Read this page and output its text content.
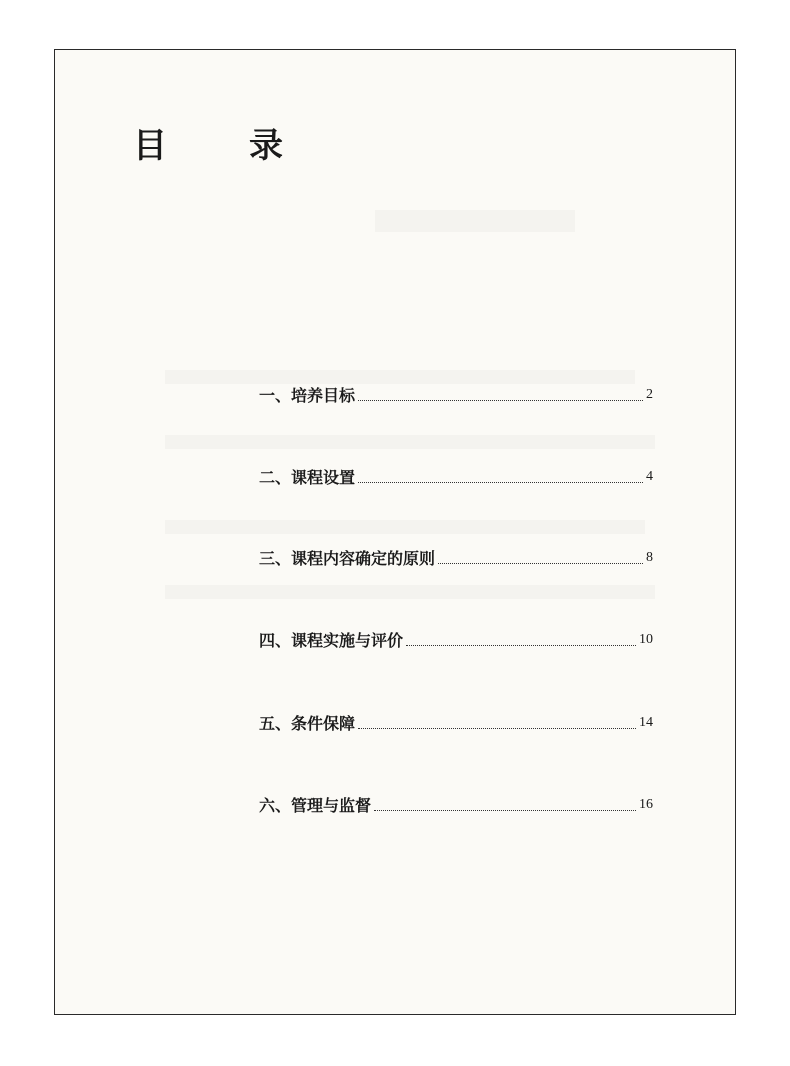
目　录
一、培养目标	2
二、课程设置	4
三、课程内容确定的原则	8
四、课程实施与评价	10
五、条件保障	14
六、管理与监督	16
